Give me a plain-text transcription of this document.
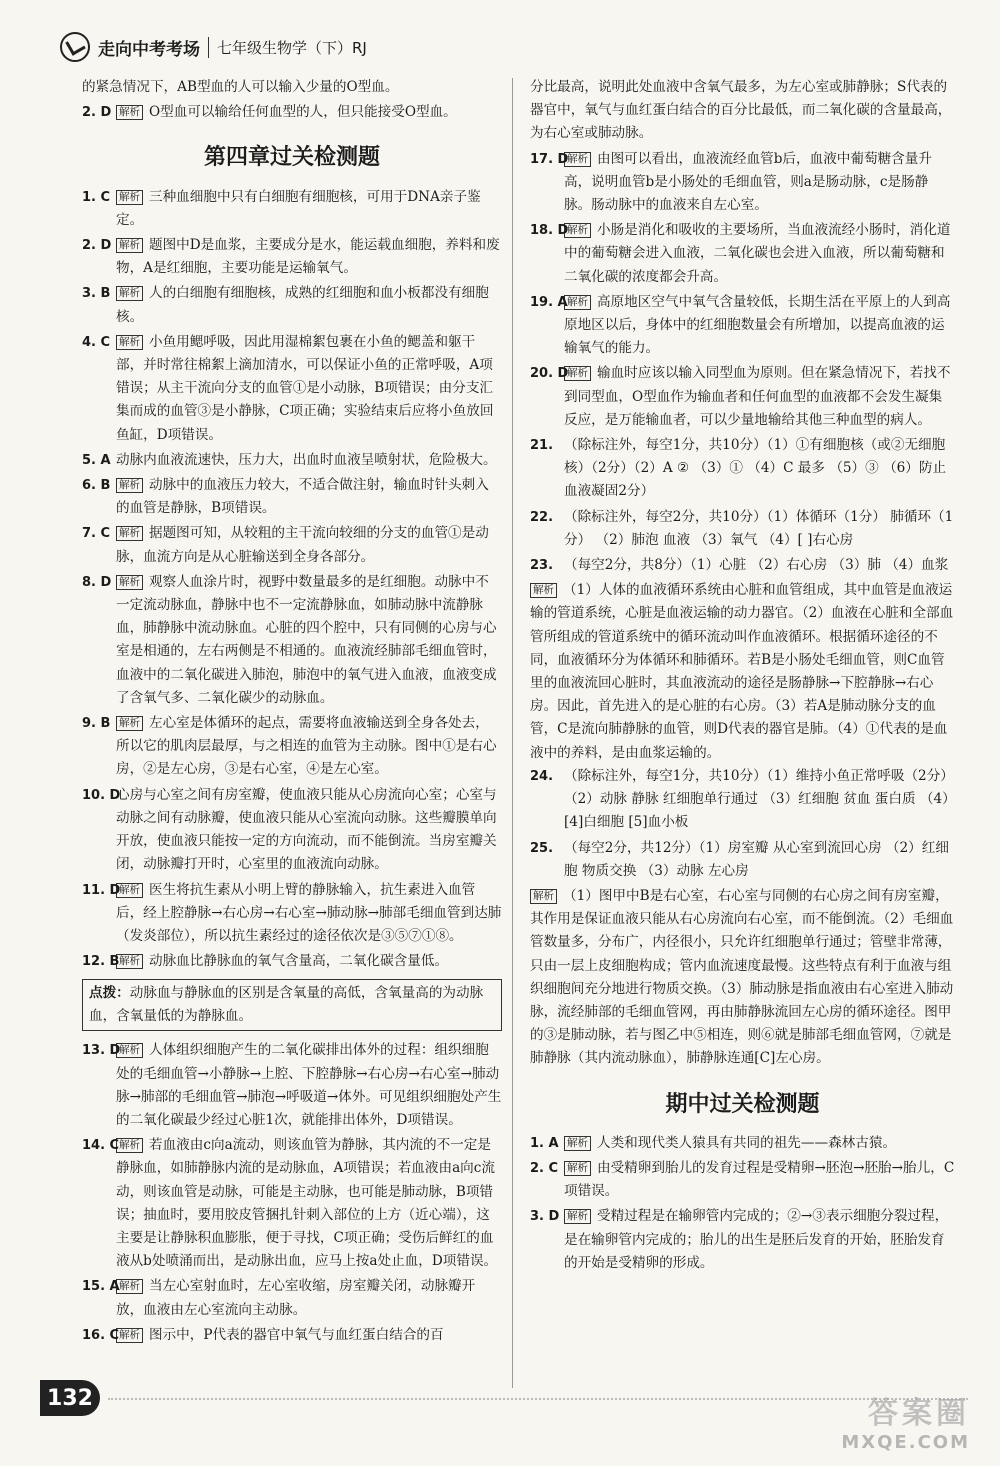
走向中考考场	七年级生物学（下）RJ
的紧急情况下，AB型血的人可以输入少量的O型血。
2. D 解析 O型血可以输给任何血型的人，但只能接受O型血。
第四章过关检测题
1. C 解析 三种血细胞中只有白细胞有细胞核，可用于DNA亲子鉴定。
2. D 解析 题图中D是血浆，主要成分是水，能运载血细胞，养料和废物，A是红细胞，主要功能是运输氧气。
3. B 解析 人的白细胞有细胞核，成熟的红细胞和血小板都没有细胞核。
4. C 解析 小鱼用鳃呼吸，因此用湿棉絮包裹在小鱼的鳃盖和躯干部，并时常往棉絮上滴加清水，可以保证小鱼的正常呼吸，A项错误；从主干流向分支的血管①是小动脉，B项错误；由分支汇集而成的血管③是小静脉，C项正确；实验结束后应将小鱼放回鱼缸，D项错误。
5. A 动脉内血液流速快，压力大，出血时血液呈喷射状，危险极大。
6. B 解析 动脉中的血液压力较大，不适合做注射，输血时针头刺入的血管是静脉，B项错误。
7. C 解析 据题图可知，从较粗的主干流向较细的分支的血管①是动脉，血流方向是从心脏输送到全身各部分。
8. D 解析 观察人血涂片时，视野中数量最多的是红细胞。动脉中不一定流动脉血，静脉中也不一定流静脉血，如肺动脉中流静脉血，肺静脉中流动脉血。心脏的四个腔中，只有同侧的心房与心室是相通的，左右两侧是不相通的。血液流经肺部毛细血管时，血液中的二氧化碳进入肺泡，肺泡中的氧气进入血液，血液变成了含氧气多、二氧化碳少的动脉血。
9. B 解析 左心室是体循环的起点，需要将血液输送到全身各处去，所以它的肌肉层最厚，与之相连的血管为主动脉。图中①是右心房，②是左心房，③是右心室，④是左心室。
10. D
心房与心室之间有房室瓣，使血液只能从心房流向心室；心室与动脉之间有动脉瓣，使血液只能从心室流向动脉。这些瓣膜单向开放，使血液只能按一定的方向流动，而不能倒流。当房室瓣关闭，动脉瓣打开时，心室里的血液流向动脉。
11. D
解析 医生将抗生素从小明上臂的静脉输入，抗生素进入血管后，经上腔静脉→右心房→右心室→肺动脉→肺部毛细血管到达肺（发炎部位），所以抗生素经过的途径依次是③⑤⑦①⑧。
12. B 解析 动脉血比静脉血的氧气含量高，二氧化碳含量低。
点拨：动脉血与静脉血的区别是含氧量的高低，含氧量高的为动脉血，含氧量低的为静脉血。
13. D
解析 人体组织细胞产生的二氧化碳排出体外的过程：组织细胞处的毛细血管→小静脉→上腔、下腔静脉→右心房→右心室→肺动脉→肺部的毛细血管→肺泡→呼吸道→体外。可见组织细胞处产生的二氧化碳最少经过心脏1次，就能排出体外，D项错误。
14. C 解析 若血液由c向a流动，则该血管为静脉，其内流的不一定是静脉血，如肺静脉内流的是动脉血，A项错误；若血液由a向c流动，则该血管是动脉，可能是主动脉，也可能是肺动脉，B项错误；抽血时，要用胶皮管捆扎针刺入部位的上方（近心端），这主要是让静脉积血膨胀，便于寻找，C项正确；受伤后鲜红的血液从b处喷涌而出，是动脉出血，应马上按a处止血，D项错误。
15. A 解析 当左心室射血时，左心室收缩，房室瓣关闭，动脉瓣开放，血液由左心室流向主动脉。
16. C 解析 图示中，P代表的器官中氧气与血红蛋白结合的百
分比最高，说明此处血液中含氧气最多，为左心室或肺静脉；S代表的器官中，氧气与血红蛋白结合的百分比最低，而二氧化碳的含量最高，为右心室或肺动脉。
17. D
解析 由图可以看出，血液流经血管b后，血液中葡萄糖含量升高，说明血管b是小肠处的毛细血管，则a是肠动脉，c是肠静脉。肠动脉中的血液来自左心室。
18. D
解析 小肠是消化和吸收的主要场所，当血液流经小肠时，消化道中的葡萄糖会进入血液，二氧化碳也会进入血液，所以葡萄糖和二氧化碳的浓度都会升高。
19. A 解析 高原地区空气中氧气含量较低，长期生活在平原上的人到高原地区以后，身体中的红细胞数量会有所增加，以提高血液的运输氧气的能力。
20. D
解析 输血时应该以输入同型血为原则。但在紧急情况下，若找不到同型血，O型血作为输血者和任何血型的血液都不会发生凝集反应，是万能输血者，可以少量地输给其他三种血型的病人。
21. （除标注外，每空1分，共10分）（1）①有细胞核（或②无细胞核）（2分）（2）A ② （3）① （4）C 最多 （5）③ （6）防止血液凝固2分）
22. （除标注外，每空2分，共10分）（1）体循环（1分） 肺循环（1分） （2）肺泡 血液 （3）氧气 （4）[ ]右心房
23. （每空2分，共8分）（1）心脏 （2）右心房 （3）肺 （4）血浆
解析 （1）人体的血液循环系统由心脏和血管组成，其中血管是血液运输的管道系统，心脏是血液运输的动力器官。（2）血液在心脏和全部血管所组成的管道系统中的循环流动叫作血液循环。根据循环途径的不同，血液循环分为体循环和肺循环。若B是小肠处毛细血管，则C血管里的血液流回心脏时，其血液流动的途径是肠静脉→下腔静脉→右心房。因此，首先进入的是心脏的右心房。（3）若A是肺动脉分支的血管，C是流向肺静脉的血管，则D代表的器官是肺。（4）①代表的是血液中的养料，是由血浆运输的。
24. （除标注外，每空1分，共10分）（1）维持小鱼正常呼吸（2分） （2）动脉 静脉 红细胞单行通过 （3）红细胞 贫血 蛋白质 （4）[4]白细胞 [5]血小板
25. （每空2分，共12分）（1）房室瓣 从心室到流回心房 （2）红细胞 物质交换 （3）动脉 左心房
解析 （1）图甲中B是右心室，右心室与同侧的右心房之间有房室瓣，其作用是保证血液只能从右心房流向右心室，而不能倒流。（2）毛细血管数量多，分布广，内径很小，只允许红细胞单行通过；管壁非常薄，只由一层上皮细胞构成；管内血流速度最慢。这些特点有利于血液与组织细胞间充分地进行物质交换。（3）肺动脉是指血液由右心室进入肺动脉，流经肺部的毛细血管网，再由肺静脉流回左心房的循环途径。图甲的③是肺动脉，若与图乙中⑤相连，则⑥就是肺部毛细血管网，⑦就是肺静脉（其内流动脉血），肺静脉连通[C]左心房。
期中过关检测题
1. A 解析 人类和现代类人猿具有共同的祖先——森林古猿。
2. C 解析 由受精卵到胎儿的发育过程是受精卵→胚泡→胚胎→胎儿，C项错误。
3. D 解析 受精过程是在输卵管内完成的；②→③表示细胞分裂过程，是在输卵管内完成的；胎儿的出生是胚后发育的开始，胚胎发育的开始是受精卵的形成。
132	答案圈
MXQE.COM
